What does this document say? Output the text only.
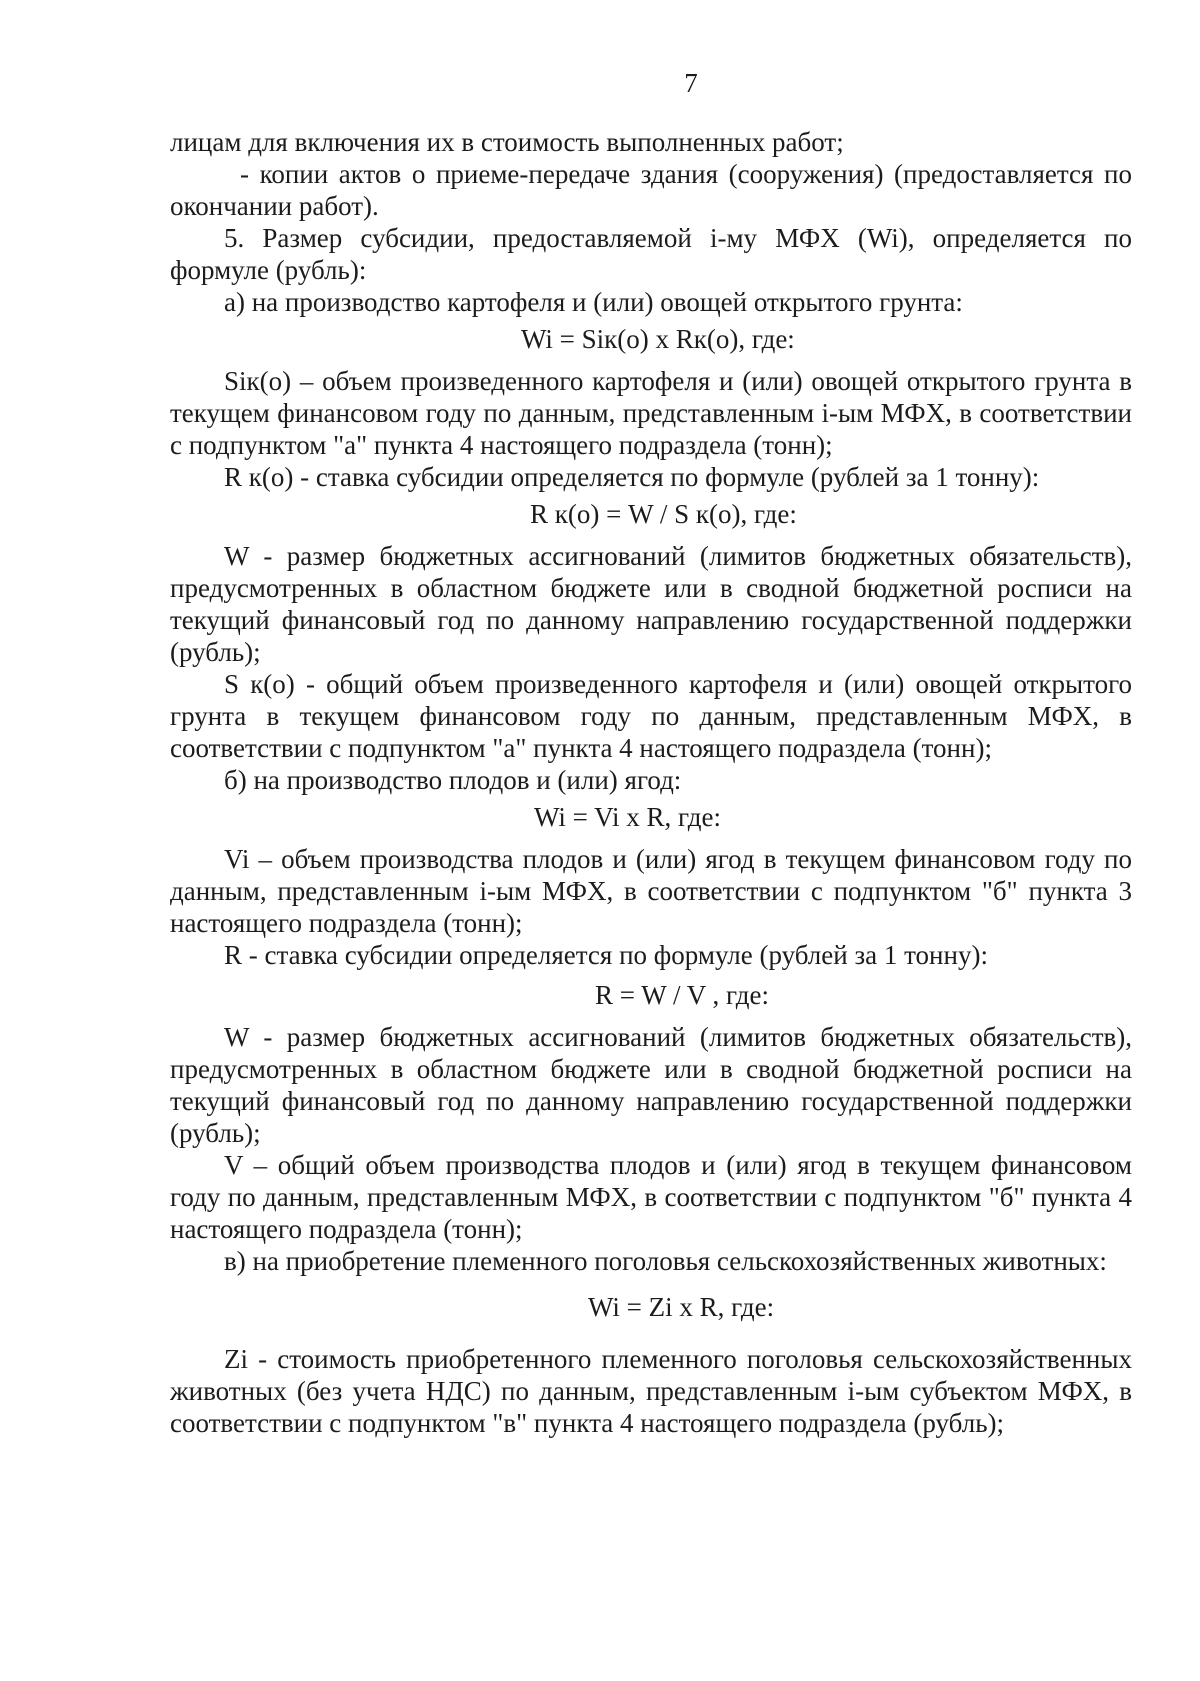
7

лицам для включения их в стоимость выполненных работ;

- копии актов о приеме-передаче здания (сооружения) (предоставляется по окончании работ).

5. Размер субсидии, предоставляемой i-му МФХ (Wi), определяется по формуле (рубль):

а) на производство картофеля и (или) овощей открытого грунта:

Wi = Siк(о) х Rк(о), где:

Siк(о) – объем произведенного картофеля и (или) овощей открытого грунта в текущем финансовом году по данным, представленным i-ым МФХ, в соответствии с подпунктом "а" пункта 4 настоящего подраздела (тонн);

R к(о) - ставка субсидии определяется по формуле (рублей за 1 тонну):

R к(о) = W / S к(о), где:

W - размер бюджетных ассигнований (лимитов бюджетных обязательств), предусмотренных в областном бюджете или в сводной бюджетной росписи на текущий финансовый год по данному направлению государственной поддержки (рубль);

S к(о) - общий объем произведенного картофеля и (или) овощей открытого грунта в текущем финансовом году по данным, представленным МФХ, в соответствии с подпунктом "а" пункта 4 настоящего подраздела (тонн);

б) на производство плодов и (или) ягод:

Wi = Vi х R, где:

Vi – объем производства плодов и (или) ягод в текущем финансовом году по данным, представленным i-ым МФХ, в соответствии с подпунктом "б" пункта 3 настоящего подраздела (тонн);

R - ставка субсидии определяется по формуле (рублей за 1 тонну):

R = W / V , где:

W - размер бюджетных ассигнований (лимитов бюджетных обязательств), предусмотренных в областном бюджете или в сводной бюджетной росписи на текущий финансовый год по данному направлению государственной поддержки (рубль);

V – общий объем производства плодов и (или) ягод в текущем финансовом году по данным, представленным МФХ, в соответствии с подпунктом "б" пункта 4 настоящего подраздела (тонн);

в) на приобретение племенного поголовья сельскохозяйственных животных:

Wi = Zi х R, где:

Zi - стоимость приобретенного племенного поголовья сельскохозяйственных животных (без учета НДС) по данным, представленным i-ым субъектом МФХ, в соответствии с подпунктом "в" пункта 4 настоящего подраздела (рубль);
